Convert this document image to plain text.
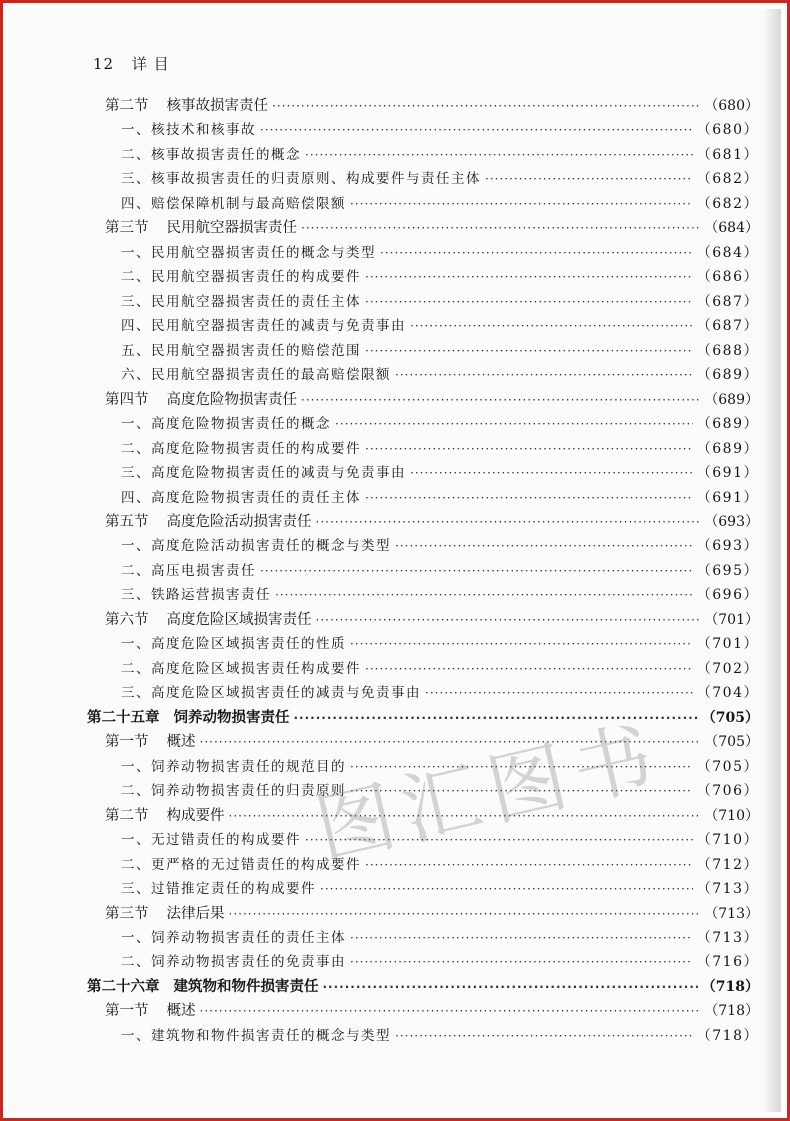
12 详 目
第二节 核事故损害责任 ·····	（680）
一、核技术和核事故 ·····	（680）
二、核事故损害责任的概念 ·····	（681）
三、核事故损害责任的归责原则、构成要件与责任主体 ·····	（682）
四、赔偿保障机制与最高赔偿限额 ·····	（682）
第三节 民用航空器损害责任 ·····	（684）
一、民用航空器损害责任的概念与类型 ·····	（684）
二、民用航空器损害责任的构成要件 ·····	（686）
三、民用航空器损害责任的责任主体 ·····	（687）
四、民用航空器损害责任的减责与免责事由 ·····	（687）
五、民用航空器损害责任的赔偿范围 ·····	（688）
六、民用航空器损害责任的最高赔偿限额 ·····	（689）
第四节 高度危险物损害责任 ·····	（689）
一、高度危险物损害责任的概念 ·····	（689）
二、高度危险物损害责任的构成要件 ·····	（689）
三、高度危险物损害责任的减责与免责事由 ·····	（691）
四、高度危险物损害责任的责任主体 ·····	（691）
第五节 高度危险活动损害责任 ·····	（693）
一、高度危险活动损害责任的概念与类型 ·····	（693）
二、高压电损害责任 ·····	（695）
三、铁路运营损害责任 ·····	（696）
第六节 高度危险区域损害责任 ·····	（701）
一、高度危险区域损害责任的性质 ·····	（701）
二、高度危险区域损害责任构成要件 ·····	（702）
三、高度危险区域损害责任的减责与免责事由 ·····	（704）
第二十五章 饲养动物损害责任 ·····	（705）
第一节 概述 ·····	（705）
一、饲养动物损害责任的规范目的 ·····	（705）
二、饲养动物损害责任的归责原则 ·····	（706）
第二节 构成要件 ·····	（710）
一、无过错责任的构成要件 ·····	（710）
二、更严格的无过错责任的构成要件 ·····	（712）
三、过错推定责任的构成要件 ·····	（713）
第三节 法律后果 ·····	（713）
一、饲养动物损害责任的责任主体 ·····	（713）
二、饲养动物损害责任的免责事由 ·····	（716）
第二十六章 建筑物和物件损害责任 ·····	（718）
第一节 概述 ·····	（718）
一、建筑物和物件损害责任的概念与类型 ·····	（718）
图汇图书
